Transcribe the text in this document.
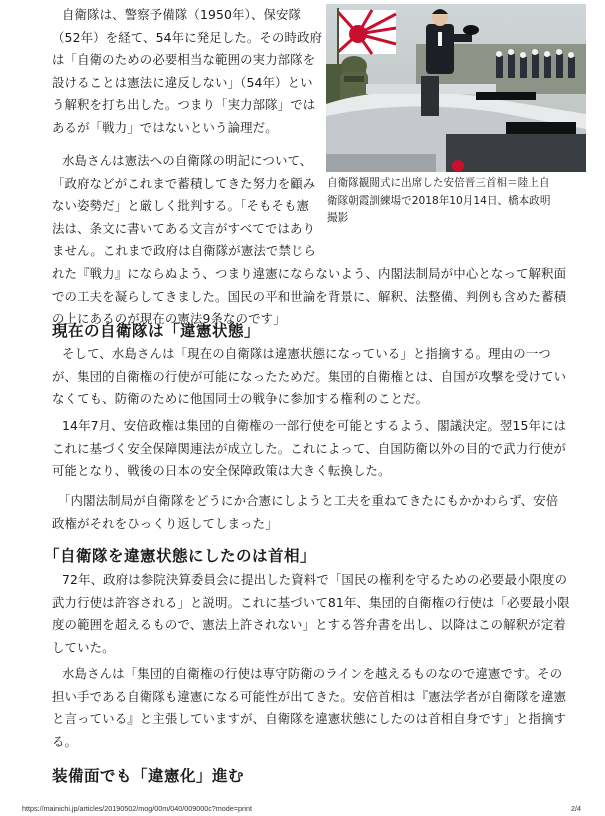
自衛隊は、警察予備隊（1950年）、保安隊
（52年）を経て、54年に発足した。その時政府
は「自衛のための必要相当な範囲の実力部隊を
設けることは憲法に違反しない」（54年）とい
う解釈を打ち出した。つまり「実力部隊」では
あるが「戦力」ではないという論理だ。

水島さんは憲法への自衛隊の明記について、
「政府などがこれまで蓄積してきた努力を顧み
ない姿勢だ」と厳しく批判する。「そもそも憲
法は、条文に書いてある文言がすべてではあり
ません。これまで政府は自衛隊が憲法で禁じら
れた『戦力』にならぬよう、つまり違憲にならないよう、内閣法制局が中心となって解釈面
での工夫を凝らしてきました。国民の平和世論を背景に、解釈、法整備、判例も含めた蓄積
の上にあるのが現在の憲法9条なのです」

自衛隊観閲式に出席した安倍晋三首相＝陸上自
衛隊朝霞訓練場で2018年10月14日、橋本政明
撮影

現在の自衛隊は「違憲状態」

そして、水島さんは「現在の自衛隊は違憲状態になっている」と指摘する。理由の一つ
が、集団的自衛権の行使が可能になったためだ。集団的自衛権とは、自国が攻撃を受けてい
なくても、防衛のために他国同士の戦争に参加する権利のことだ。

14年7月、安倍政権は集団的自衛権の一部行使を可能とするよう、閣議決定。翌15年には
これに基づく安全保障関連法が成立した。これによって、自国防衛以外の目的で武力行使が
可能となり、戦後の日本の安全保障政策は大きく転換した。

「内閣法制局が自衛隊をどうにか合憲にしようと工夫を重ねてきたにもかかわらず、安倍
政権がそれをひっくり返してしまった」

「自衛隊を違憲状態にしたのは首相」

72年、政府は参院決算委員会に提出した資料で「国民の権利を守るための必要最小限度の
武力行使は許容される」と説明。これに基づいて81年、集団的自衛権の行使は「必要最小限
度の範囲を超えるもので、憲法上許されない」とする答弁書を出し、以降はこの解釈が定着
していた。

水島さんは「集団的自衛権の行使は専守防衛のラインを越えるものなので違憲です。その
担い手である自衛隊も違憲になる可能性が出てきた。安倍首相は『憲法学者が自衛隊を違憲
と言っている』と主張していますが、自衛隊を違憲状態にしたのは首相自身です」と指摘す
る。

装備面でも「違憲化」進む
https://mainichi.jp/articles/20190502/mog/00m/040/009000c?mode=print	2/4
